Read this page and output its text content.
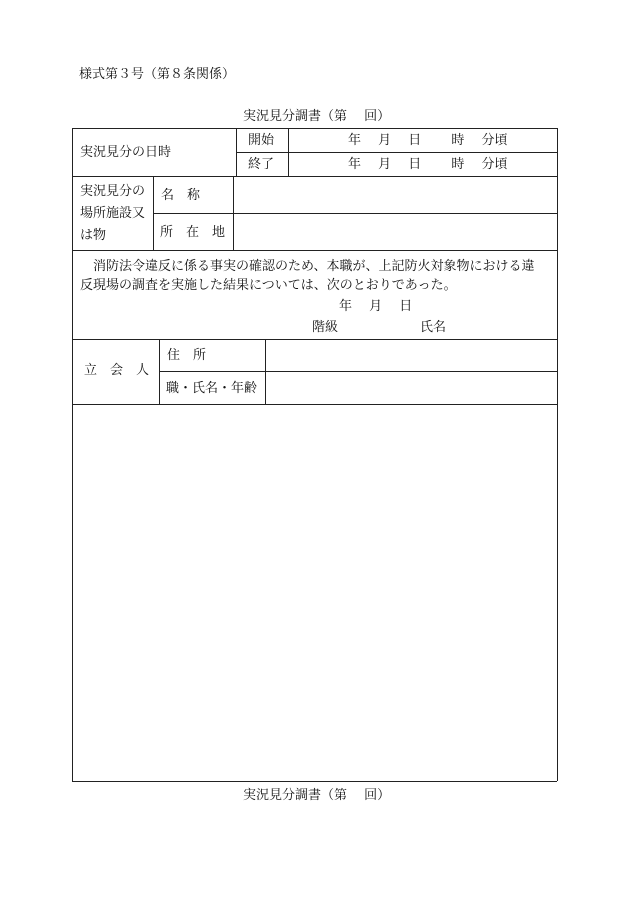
様式第３号（第８条関係）
実況見分調書（第　 回）
実況見分の日時
開始
終了
年　 月　 日　　 時　 分頃
年　 月　 日　　 時　 分頃
実況見分の
場所施設又
は物
名　称
所　在　地
　消防法令違反に係る事実の確認のため、本職が、上記防火対象物における違
反現場の調査を実施した結果については、次のとおりであった。
年　 月　 日
階級	氏名
立　会　人
住　所
職・氏名・年齢
実況見分調書（第　 回）
